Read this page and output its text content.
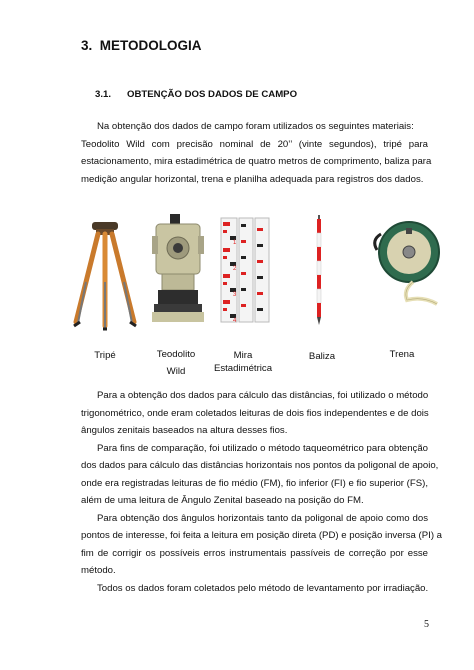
3. METODOLOGIA
3.1. OBTENÇÃO DOS DADOS DE CAMPO
Na obtenção dos dados de campo foram utilizados os seguintes materiais:
Teodolito Wild com precisão nominal de 20’’ (vinte segundos), tripé para
estacionamento, mira estadimétrica de quatro metros de comprimento, baliza para
medição angular horizontal, trena e planilha adequada para registros dos dados.
1
2
3
4
Tripé	Teodolito
Wild
Mira
Estadimétrica
Baliza	Trena
Para a obtenção dos dados para cálculo das distâncias, foi utilizado o método
trigonométrico, onde eram coletados leituras de dois fios independentes e de dois
ângulos zenitais baseados na altura desses fios.
Para fins de comparação, foi utilizado o método taqueométrico para obtenção
dos dados para cálculo das distâncias horizontais nos pontos da poligonal de apoio,
onde era registradas leituras de fio médio (FM), fio inferior (FI) e fio superior (FS),
além de uma leitura de Ângulo Zenital baseado na posição do FM.
Para obtenção dos ângulos horizontais tanto da poligonal de apoio como dos
pontos de interesse, foi feita a leitura em posição direta (PD) e posição inversa (PI) a
fim de corrigir os possíveis erros instrumentais passíveis de correção por esse
método.
Todos os dados foram coletados pelo método de levantamento por irradiação.
5
